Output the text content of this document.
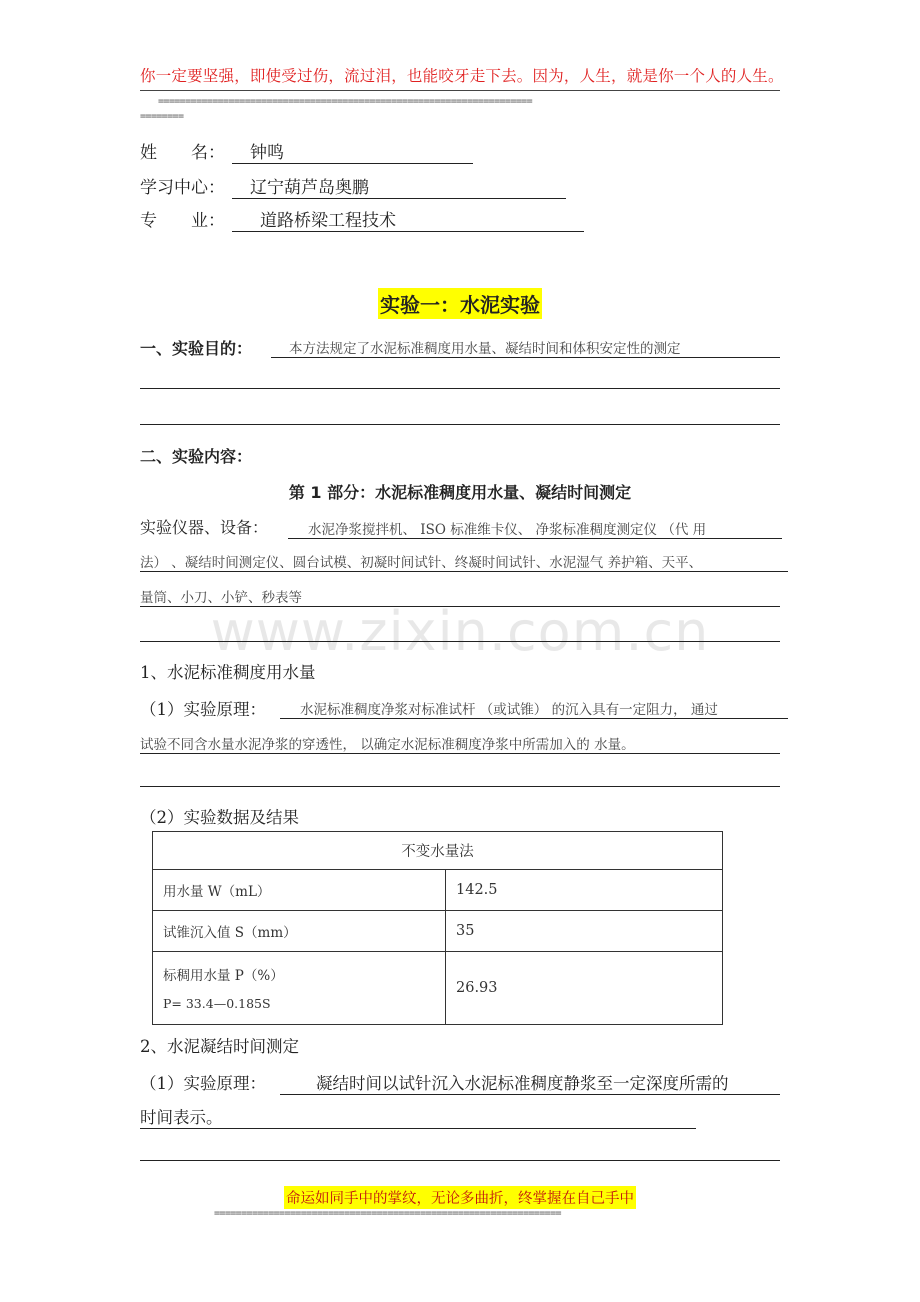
www.zixin.com.cn
你一定要坚强，即使受过伤，流过泪，也能咬牙走下去。因为，人生，就是你一个人的人生。
=====================================================================
========
姓　　名：	钟鸣
学习中心：	辽宁葫芦岛奥鹏
专　　业：	道路桥梁工程技术
实验一：水泥实验
一、实验目的：	本方法规定了水泥标准稠度用水量、凝结时间和体积安定性的测定
二、实验内容：
第 1 部分：水泥标准稠度用水量、凝结时间测定
实验仪器、设备：	水泥净浆搅拌机、 ISO 标准维卡仪、 净浆标准稠度测定仪 （代 用
法） 、凝结时间测定仪、圆台试模、初凝时间试针、终凝时间试针、水泥湿气 养护箱、天平、
量筒、小刀、小铲、秒表等
1、水泥标准稠度用水量
（1）实验原理：	水泥标准稠度净浆对标准试杆 （或试锥） 的沉入具有一定阻力， 通过
试验不同含水量水泥净浆的穿透性， 以确定水泥标准稠度净浆中所需加入的 水量。
（2）实验数据及结果
不变水量法	
用水量 W（mL）	142.5
试锥沉入值 S（mm）	35

标稠用水量 P（%）
P= 33.4—0.185S	26.93
2、水泥凝结时间测定
（1）实验原理：	凝结时间以试针沉入水泥标准稠度静浆至一定深度所需的
时间表示。
命运如同手中的掌纹，无论多曲折，终掌握在自己手中
================================================================
